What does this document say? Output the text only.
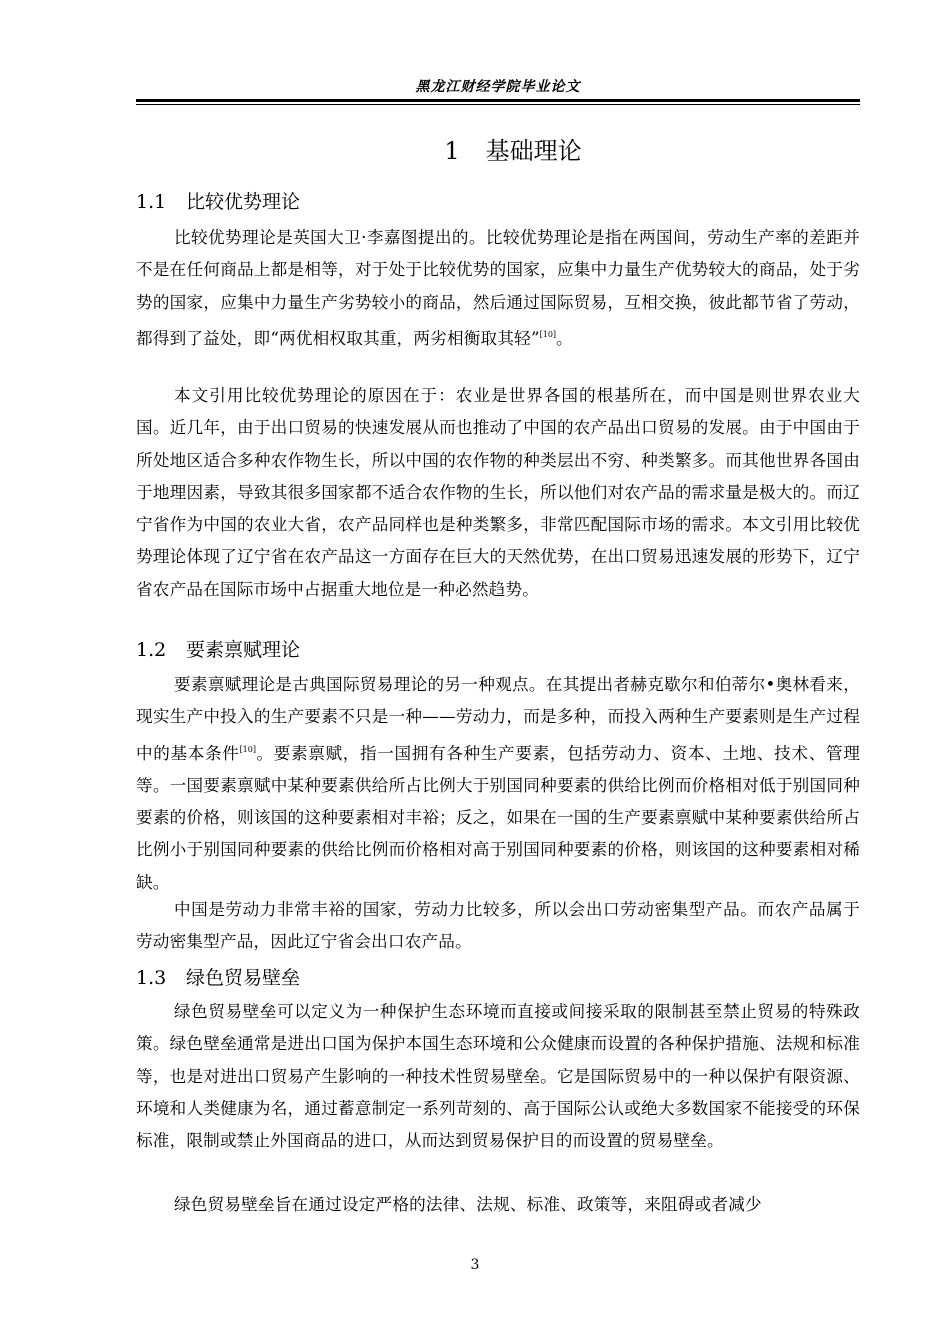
黑龙江财经学院毕业论文
1 基础理论
1.1 比较优势理论
比较优势理论是英国大卫·李嘉图提出的。比较优势理论是指在两国间，劳动生产率的差距并不是在任何商品上都是相等，对于处于比较优势的国家，应集中力量生产优势较大的商品，处于劣势的国家，应集中力量生产劣势较小的商品，然后通过国际贸易，互相交换，彼此都节省了劳动，都得到了益处，即“两优相权取其重，两劣相衡取其轻”[10]。
本文引用比较优势理论的原因在于：农业是世界各国的根基所在，而中国是则世界农业大国。近几年，由于出口贸易的快速发展从而也推动了中国的农产品出口贸易的发展。由于中国由于所处地区适合多种农作物生长，所以中国的农作物的种类层出不穷、种类繁多。而其他世界各国由于地理因素，导致其很多国家都不适合农作物的生长，所以他们对农产品的需求量是极大的。而辽宁省作为中国的农业大省，农产品同样也是种类繁多，非常匹配国际市场的需求。本文引用比较优势理论体现了辽宁省在农产品这一方面存在巨大的天然优势，在出口贸易迅速发展的形势下，辽宁省农产品在国际市场中占据重大地位是一种必然趋势。
1.2 要素禀赋理论
要素禀赋理论是古典国际贸易理论的另一种观点。在其提出者赫克歇尔和伯蒂尔•奥林看来，现实生产中投入的生产要素不只是一种——劳动力，而是多种，而投入两种生产要素则是生产过程中的基本条件[10]。要素禀赋，指一国拥有各种生产要素，包括劳动力、资本、土地、技术、管理等。一国要素禀赋中某种要素供给所占比例大于别国同种要素的供给比例而价格相对低于别国同种要素的价格，则该国的这种要素相对丰裕；反之，如果在一国的生产要素禀赋中某种要素供给所占比例小于别国同种要素的供给比例而价格相对高于别国同种要素的价格，则该国的这种要素相对稀缺。
中国是劳动力非常丰裕的国家，劳动力比较多，所以会出口劳动密集型产品。而农产品属于劳动密集型产品，因此辽宁省会出口农产品。
1.3 绿色贸易壁垒
绿色贸易壁垒可以定义为一种保护生态环境而直接或间接采取的限制甚至禁止贸易的特殊政策。绿色壁垒通常是进出口国为保护本国生态环境和公众健康而设置的各种保护措施、法规和标准等，也是对进出口贸易产生影响的一种技术性贸易壁垒。它是国际贸易中的一种以保护有限资源、环境和人类健康为名，通过蓄意制定一系列苛刻的、高于国际公认或绝大多数国家不能接受的环保标准，限制或禁止外国商品的进口，从而达到贸易保护目的而设置的贸易壁垒。
绿色贸易壁垒旨在通过设定严格的法律、法规、标准、政策等，来阻碍或者减少
3
